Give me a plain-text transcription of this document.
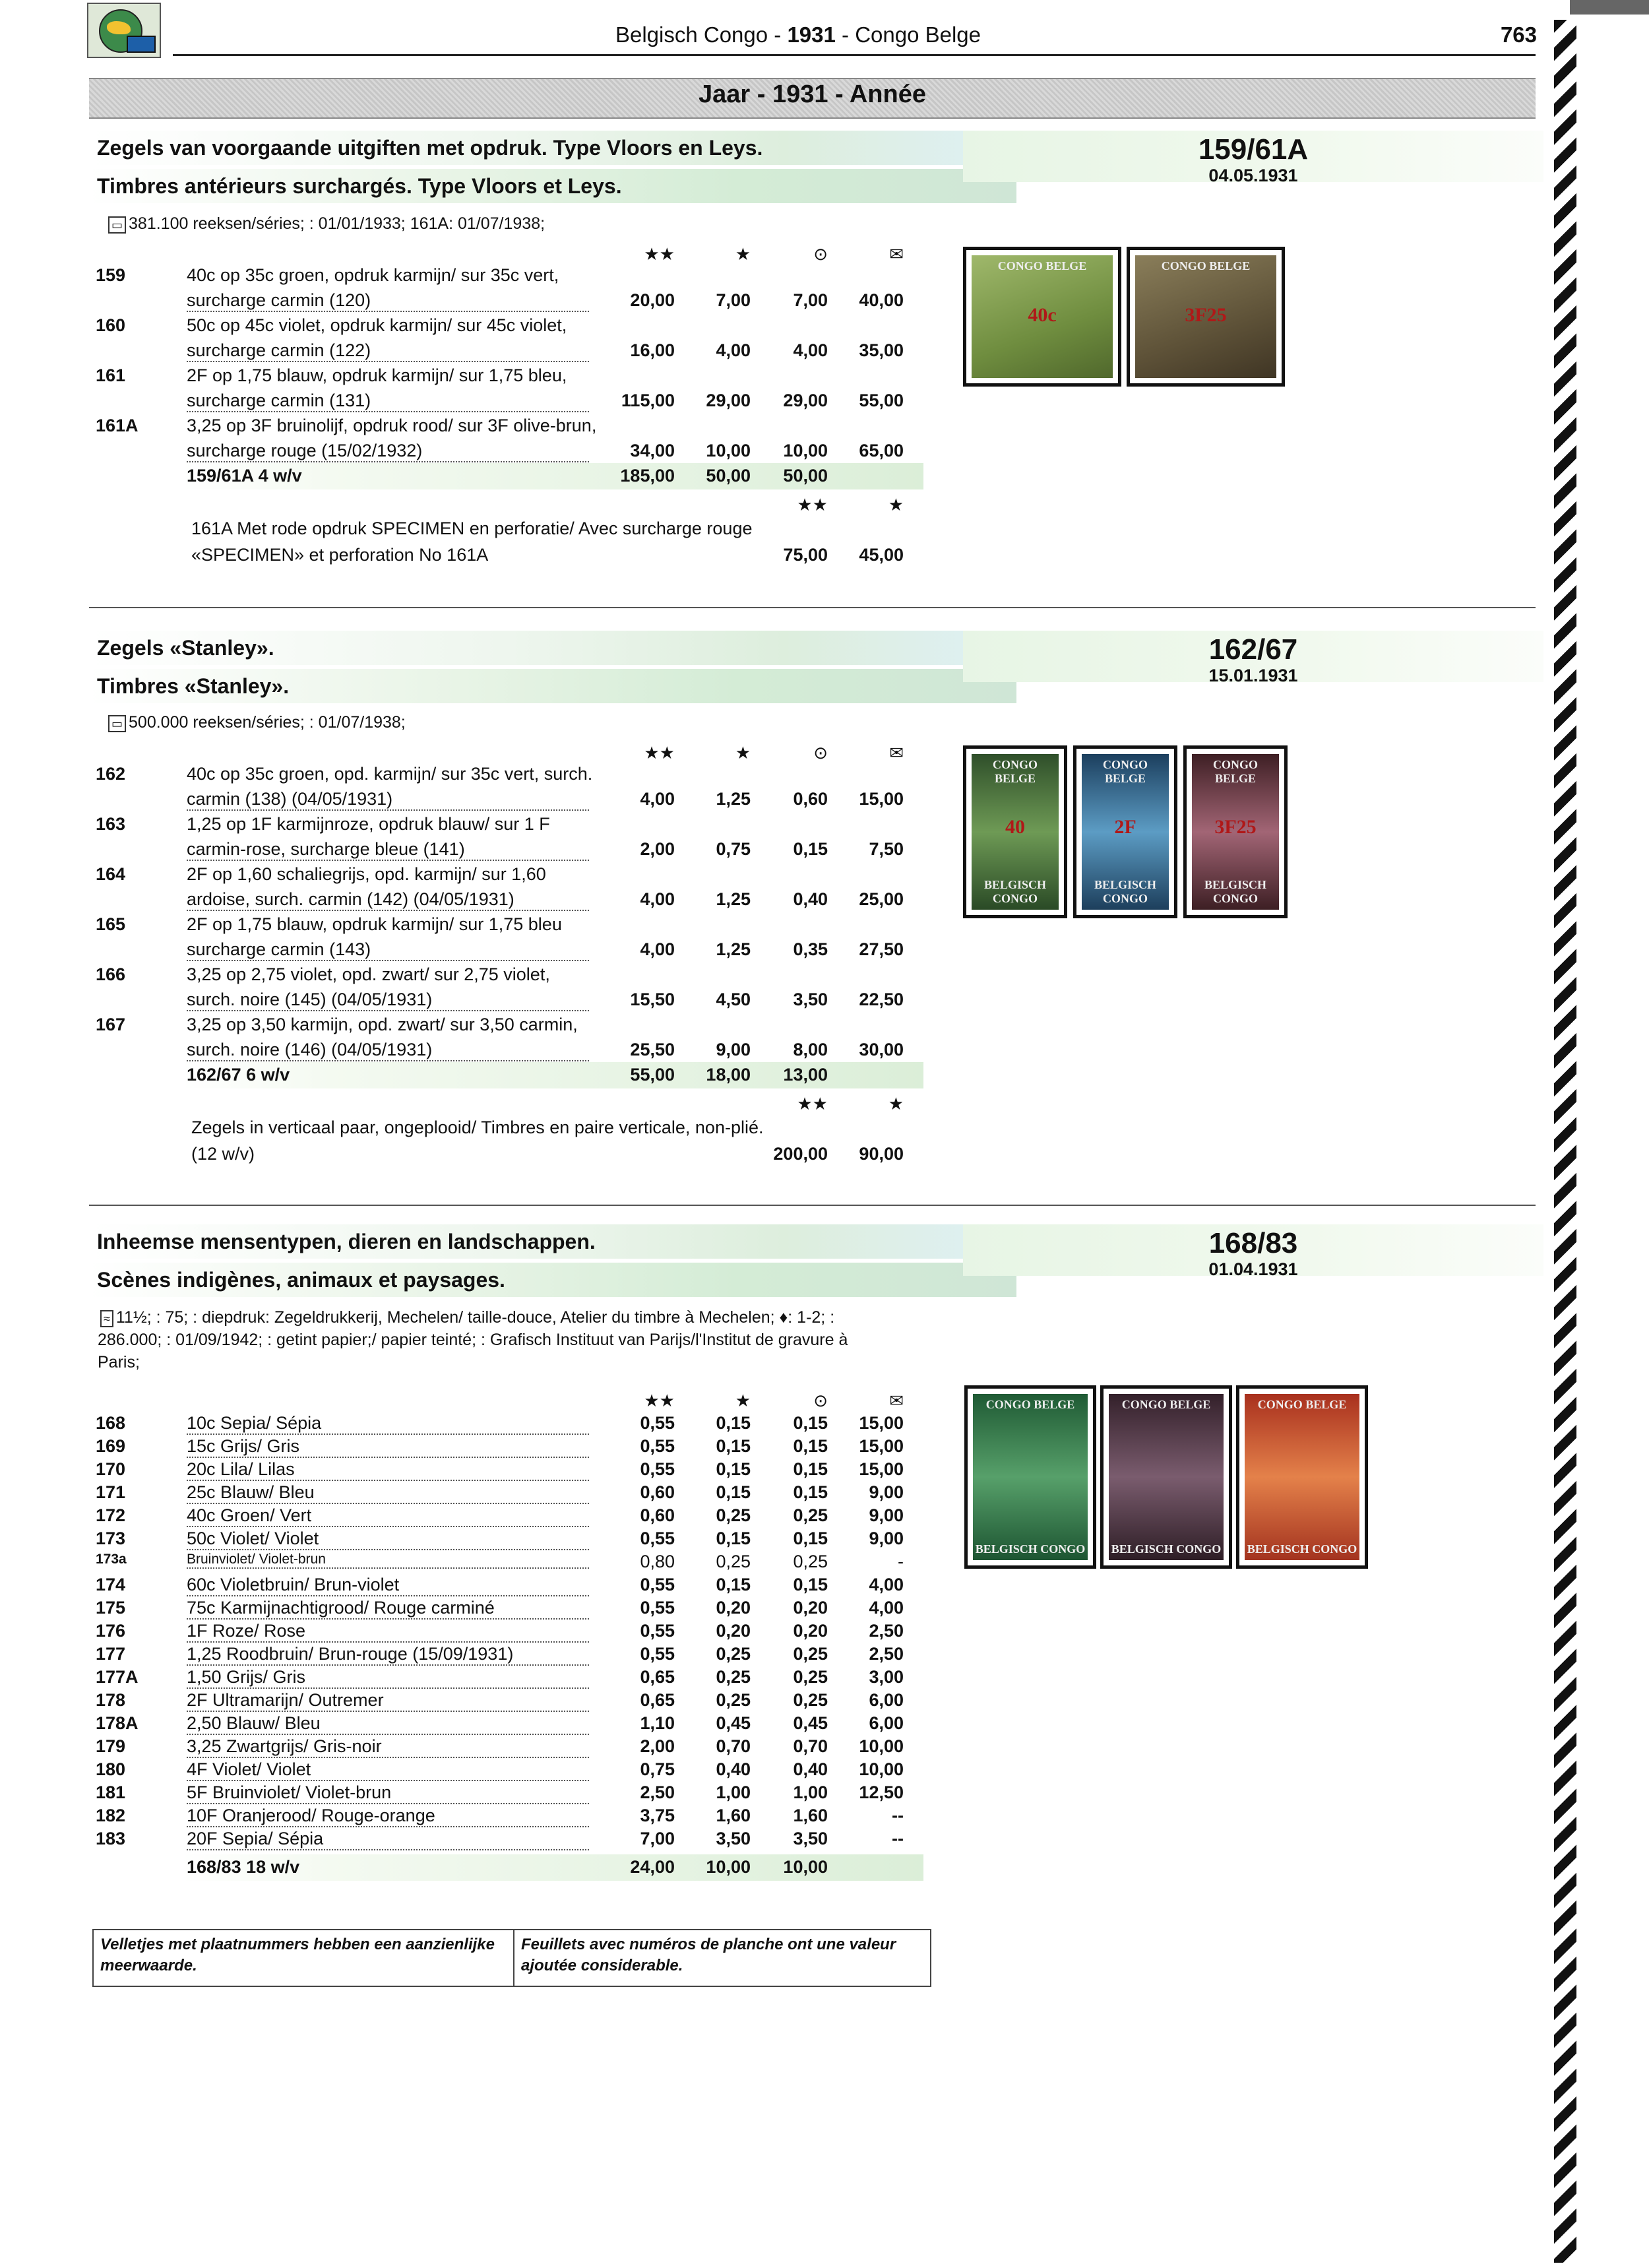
Belgisch Congo - 1931 - Congo Belge	763
Jaar - 1931 - Année
Zegels van voorgaande uitgiften met opdruk. Type Vloors en Leys.
Timbres antérieurs surchargés. Type Vloors et Leys.
▭ 381.100 reeksen/séries; : 01/01/1933; 161A: 01/07/1938;
159/61A
04.05.1931
★★	★	⊙	✉
159	40c op 35c groen, opdruk karmijn/ sur 35c vert,
surcharge carmin (120)	20,00	7,00	7,00	40,00
160	50c op 45c violet, opdruk karmijn/ sur 45c violet,
surcharge carmin (122)	16,00	4,00	4,00	35,00
161	2F op 1,75 blauw, opdruk karmijn/ sur 1,75 bleu,
surcharge carmin (131)	115,00	29,00	29,00	55,00
161A	3,25 op 3F bruinolijf, opdruk rood/ sur 3F olive-brun,
surcharge rouge (15/02/1932)	34,00	10,00	10,00	65,00
159/61A 4 w/v	185,00	50,00	50,00
★★	★
161A Met rode opdruk SPECIMEN en perforatie/ Avec surcharge rouge
«SPECIMEN» et perforation No 161A	75,00	45,00
Zegels «Stanley».
Timbres «Stanley».
▭ 500.000 reeksen/séries; : 01/07/1938;
162/67
15.01.1931
★★	★	⊙	✉
162	40c op 35c groen, opd. karmijn/ sur 35c vert, surch.
carmin (138) (04/05/1931)	4,00	1,25	0,60	15,00
163	1,25 op 1F karmijnroze, opdruk blauw/ sur 1 F
carmin-rose, surcharge bleue (141)	2,00	0,75	0,15	7,50
164	2F op 1,60 schaliegrijs, opd. karmijn/ sur 1,60
ardoise, surch. carmin (142) (04/05/1931)	4,00	1,25	0,40	25,00
165	2F op 1,75 blauw, opdruk karmijn/ sur 1,75 bleu
surcharge carmin (143)	4,00	1,25	0,35	27,50
166	3,25 op 2,75 violet, opd. zwart/ sur 2,75 violet,
surch. noire (145) (04/05/1931)	15,50	4,50	3,50	22,50
167	3,25 op 3,50 karmijn, opd. zwart/ sur 3,50 carmin,
surch. noire (146) (04/05/1931)	25,50	9,00	8,00	30,00
162/67 6 w/v	55,00	18,00	13,00
★★	★
Zegels in verticaal paar, ongeplooid/ Timbres en paire verticale, non-plié.
(12 w/v)	200,00	90,00
Inheemse mensentypen, dieren en landschappen.
Scènes indigènes, animaux et paysages.
≈ 11½; : 75; : diepdruk: Zegeldrukkerij, Mechelen/ taille-douce, Atelier du timbre à Mechelen; ♦: 1-2; : 286.000; : 01/09/1942; : getint papier;/ papier teinté; : Grafisch Instituut van Parijs/l'Institut de gravure à Paris;
168/83
01.04.1931
★★	★	⊙	✉
168	10c Sepia/ Sépia	0,55	0,15	0,15	15,00
169	15c Grijs/ Gris	0,55	0,15	0,15	15,00
170	20c Lila/ Lilas	0,55	0,15	0,15	15,00
171	25c Blauw/ Bleu	0,60	0,15	0,15	9,00
172	40c Groen/ Vert	0,60	0,25	0,25	9,00
173	50c Violet/ Violet	0,55	0,15	0,15	9,00
173a	Bruinviolet/ Violet-brun	0,80	0,25	0,25	-
174	60c Violetbruin/ Brun-violet	0,55	0,15	0,15	4,00
175	75c Karmijnachtigrood/ Rouge carminé	0,55	0,20	0,20	4,00
176	1F Roze/ Rose	0,55	0,20	0,20	2,50
177	1,25 Roodbruin/ Brun-rouge (15/09/1931)	0,55	0,25	0,25	2,50
177A	1,50 Grijs/ Gris	0,65	0,25	0,25	3,00
178	2F Ultramarijn/ Outremer	0,65	0,25	0,25	6,00
178A	2,50 Blauw/ Bleu	1,10	0,45	0,45	6,00
179	3,25 Zwartgrijs/ Gris-noir	2,00	0,70	0,70	10,00
180	4F Violet/ Violet	0,75	0,40	0,40	10,00
181	5F Bruinviolet/ Violet-brun	2,50	1,00	1,00	12,50
182	10F Oranjerood/ Rouge-orange	3,75	1,60	1,60	--
183	20F Sepia/ Sépia	7,00	3,50	3,50	--
168/83 18 w/v	24,00	10,00	10,00
Velletjes met plaatnummers hebben een aanzienlijke meerwaarde.
Feuillets avec numéros de planche ont une valeur ajoutée considerable.
CONGO BELGE
40c
CONGO BELGE
3F25
CONGO BELGE
BELGISCH CONGO
40
CONGO BELGE
BELGISCH CONGO
2F
CONGO BELGE
BELGISCH CONGO
3F25
CONGO BELGE
BELGISCH CONGO
CONGO BELGE
BELGISCH CONGO
CONGO BELGE
BELGISCH CONGO
